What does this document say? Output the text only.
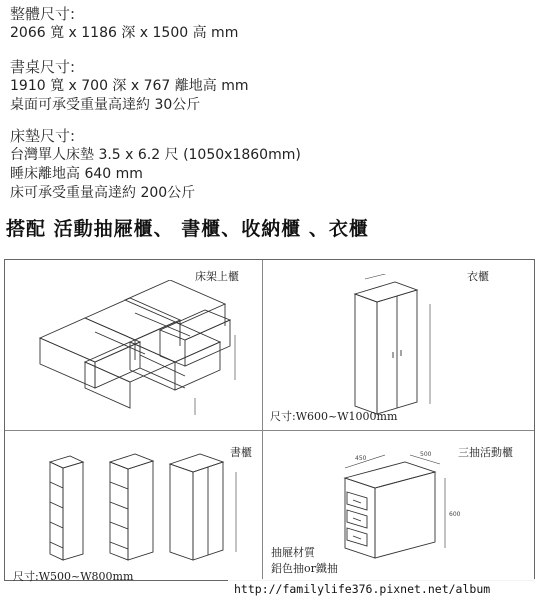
整體尺寸:
2066 寬 x 1186 深 x 1500 高 mm
書桌尺寸:
1910 寬 x 700 深 x 767 離地高 mm
桌面可承受重量高達約 30公斤
床墊尺寸:
台灣單人床墊 3.5 x 6.2 尺 (1050x1860mm)
睡床離地高 640 mm
床可承受重量高達約 200公斤
搭配 活動抽屜櫃、 書櫃、收納櫃 、衣櫃
床架上櫃	衣櫃
尺寸:W600~W1000mm
書櫃
尺寸:W500~W800mm
三抽活動櫃
500
600
450
抽屜材質
鋁色抽or鐵抽
http://familylife376.pixnet.net/album
